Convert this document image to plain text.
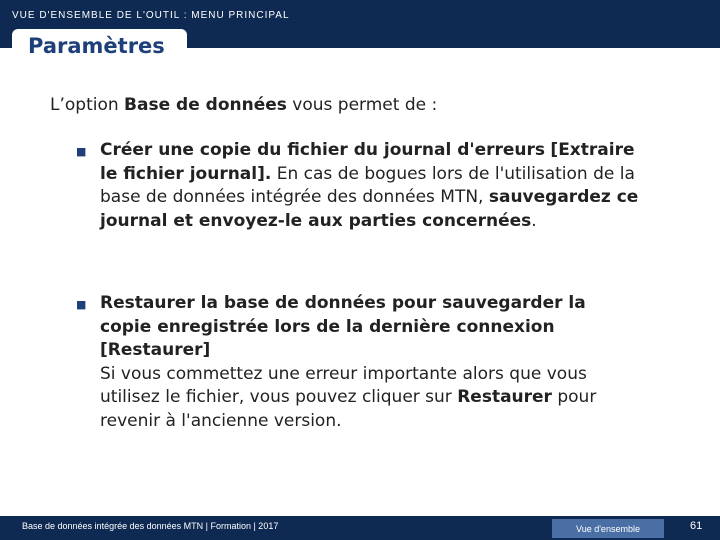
VUE D'ENSEMBLE DE L'OUTIL : MENU PRINCIPAL
Paramètres
L’option Base de données vous permet de :
■ Créer une copie du fichier du journal d'erreurs [Extraire le fichier journal]. En cas de bogues lors de l'utilisation de la base de données intégrée des données MTN, sauvegardez ce journal et envoyez-le aux parties concernées.
■ Restaurer la base de données pour sauvegarder la copie enregistrée lors de la dernière connexion [Restaurer]
Si vous commettez une erreur importante alors que vous utilisez le fichier, vous pouvez cliquer sur Restaurer pour revenir à l'ancienne version.
Base de données intégrée des données MTN | Formation | 2017	Vue d'ensemble	61
